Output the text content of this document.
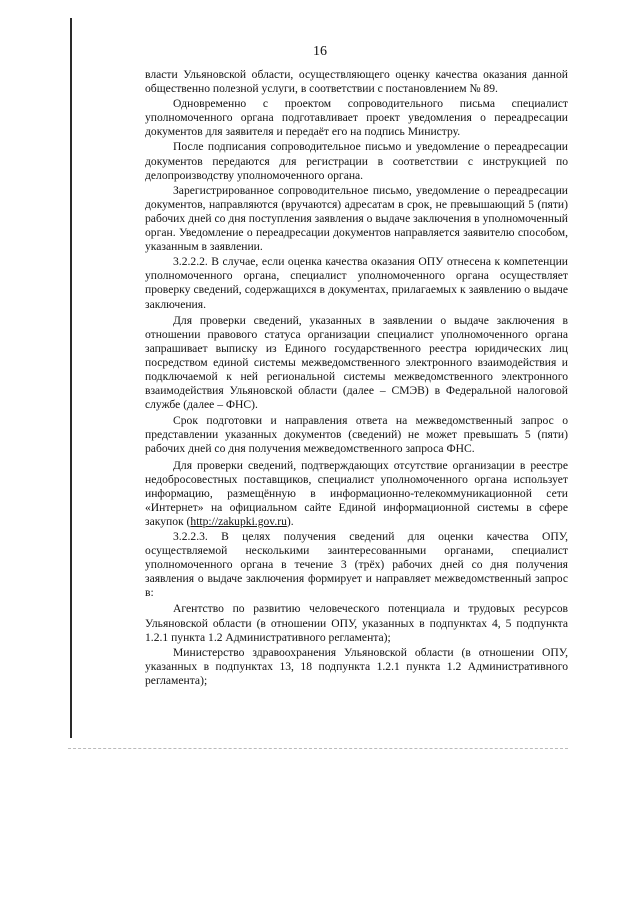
16

власти Ульяновской области, осуществляющего оценку качества оказания данной общественно полезной услуги, в соответствии с постановлением № 89.

Одновременно с проектом сопроводительного письма специалист уполномоченного органа подготавливает проект уведомления о переадресации документов для заявителя и передаёт его на подпись Министру.

После подписания сопроводительное письмо и уведомление о переадресации документов передаются для регистрации в соответствии с инструкцией по делопроизводству уполномоченного органа.

Зарегистрированное сопроводительное письмо, уведомление о переадресации документов, направляются (вручаются) адресатам в срок, не превышающий 5 (пяти) рабочих дней со дня поступления заявления о выдаче заключения в уполномоченный орган. Уведомление о переадресации документов направляется заявителю способом, указанным в заявлении.

3.2.2.2. В случае, если оценка качества оказания ОПУ отнесена к компетенции уполномоченного органа, специалист уполномоченного органа осуществляет проверку сведений, содержащихся в документах, прилагаемых к заявлению о выдаче заключения.

Для проверки сведений, указанных в заявлении о выдаче заключения в отношении правового статуса организации специалист уполномоченного органа запрашивает выписку из Единого государственного реестра юридических лиц посредством единой системы межведомственного электронного взаимодействия и подключаемой к ней региональной системы межведомственного электронного взаимодействия Ульяновской области (далее – СМЭВ) в Федеральной налоговой службе (далее – ФНС).

Срок подготовки и направления ответа на межведомственный запрос о представлении указанных документов (сведений) не может превышать 5 (пяти) рабочих дней со дня получения межведомственного запроса ФНС.

Для проверки сведений, подтверждающих отсутствие организации в реестре недобросовестных поставщиков, специалист уполномоченного органа использует информацию, размещённую в информационно-телекоммуникационной сети «Интернет» на официальном сайте Единой информационной системы в сфере закупок (http://zakupki.gov.ru).

3.2.2.3. В целях получения сведений для оценки качества ОПУ, осуществляемой несколькими заинтересованными органами, специалист уполномоченного органа в течение 3 (трёх) рабочих дней со дня получения заявления о выдаче заключения формирует и направляет межведомственный запрос в:

Агентство по развитию человеческого потенциала и трудовых ресурсов Ульяновской области (в отношении ОПУ, указанных в подпунктах 4, 5 подпункта 1.2.1 пункта 1.2 Административного регламента);

Министерство здравоохранения Ульяновской области (в отношении ОПУ, указанных в подпунктах 13, 18 подпункта 1.2.1 пункта 1.2 Административного регламента);
